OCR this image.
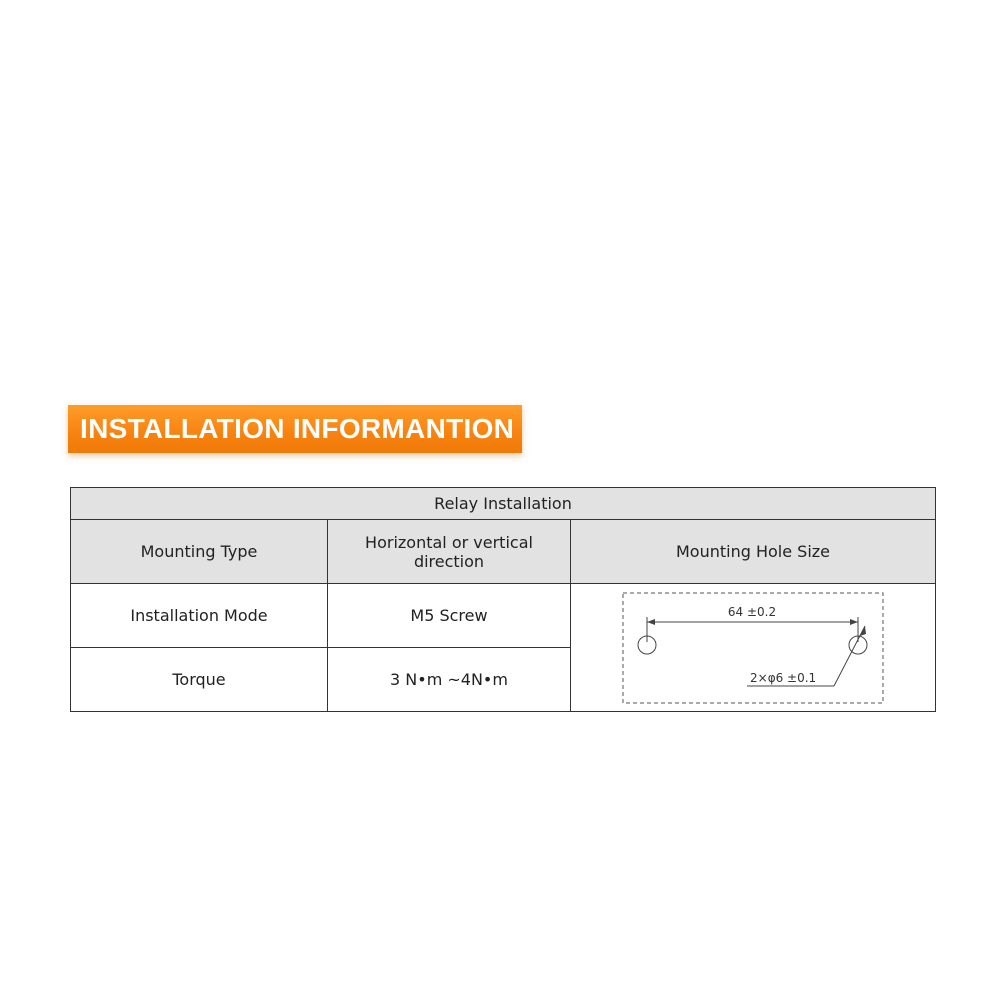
INSTALLATION INFORMANTION
Relay Installation		
Mounting Type	Horizontal or vertical direction	Mounting Hole Size
Installation Mode	M5 Screw	64 ±0.2
2×φ6 ±0.1

Torque	3 N•m ~4N•m	
